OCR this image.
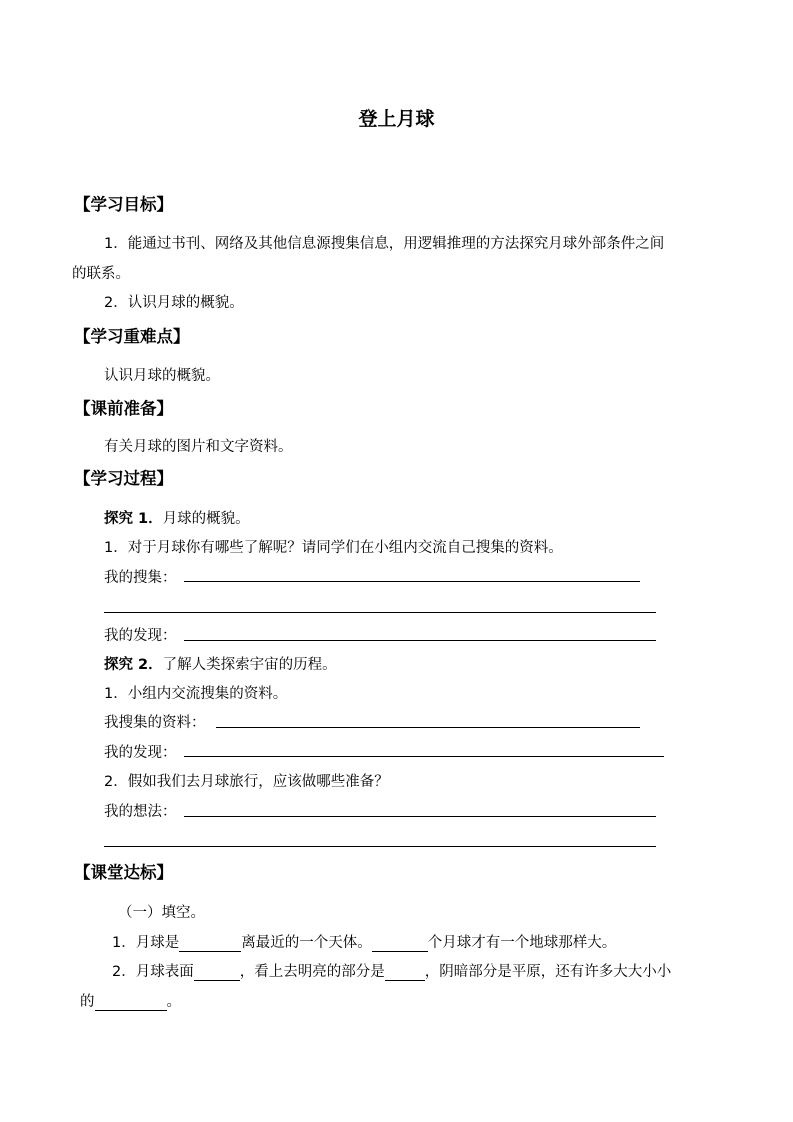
登上月球
【学习目标】
1．能通过书刊、网络及其他信息源搜集信息，用逻辑推理的方法探究月球外部条件之间
的联系。
2．认识月球的概貌。
【学习重难点】
认识月球的概貌。
【课前准备】
有关月球的图片和文字资料。
【学习过程】
探究 1．月球的概貌。
1．对于月球你有哪些了解呢？请同学们在小组内交流自己搜集的资料。
我的搜集：
我的发现：
探究 2．了解人类探索宇宙的历程。
1．小组内交流搜集的资料。
我搜集的资料：
我的发现：
2．假如我们去月球旅行，应该做哪些准备？
我的想法：
【课堂达标】
（一）填空。
1．月球是	离最近的一个天体。	个月球才有一个地球那样大。
2．月球表面	，看上去明亮的部分是	，阴暗部分是平原，还有许多大大小小
的	。
